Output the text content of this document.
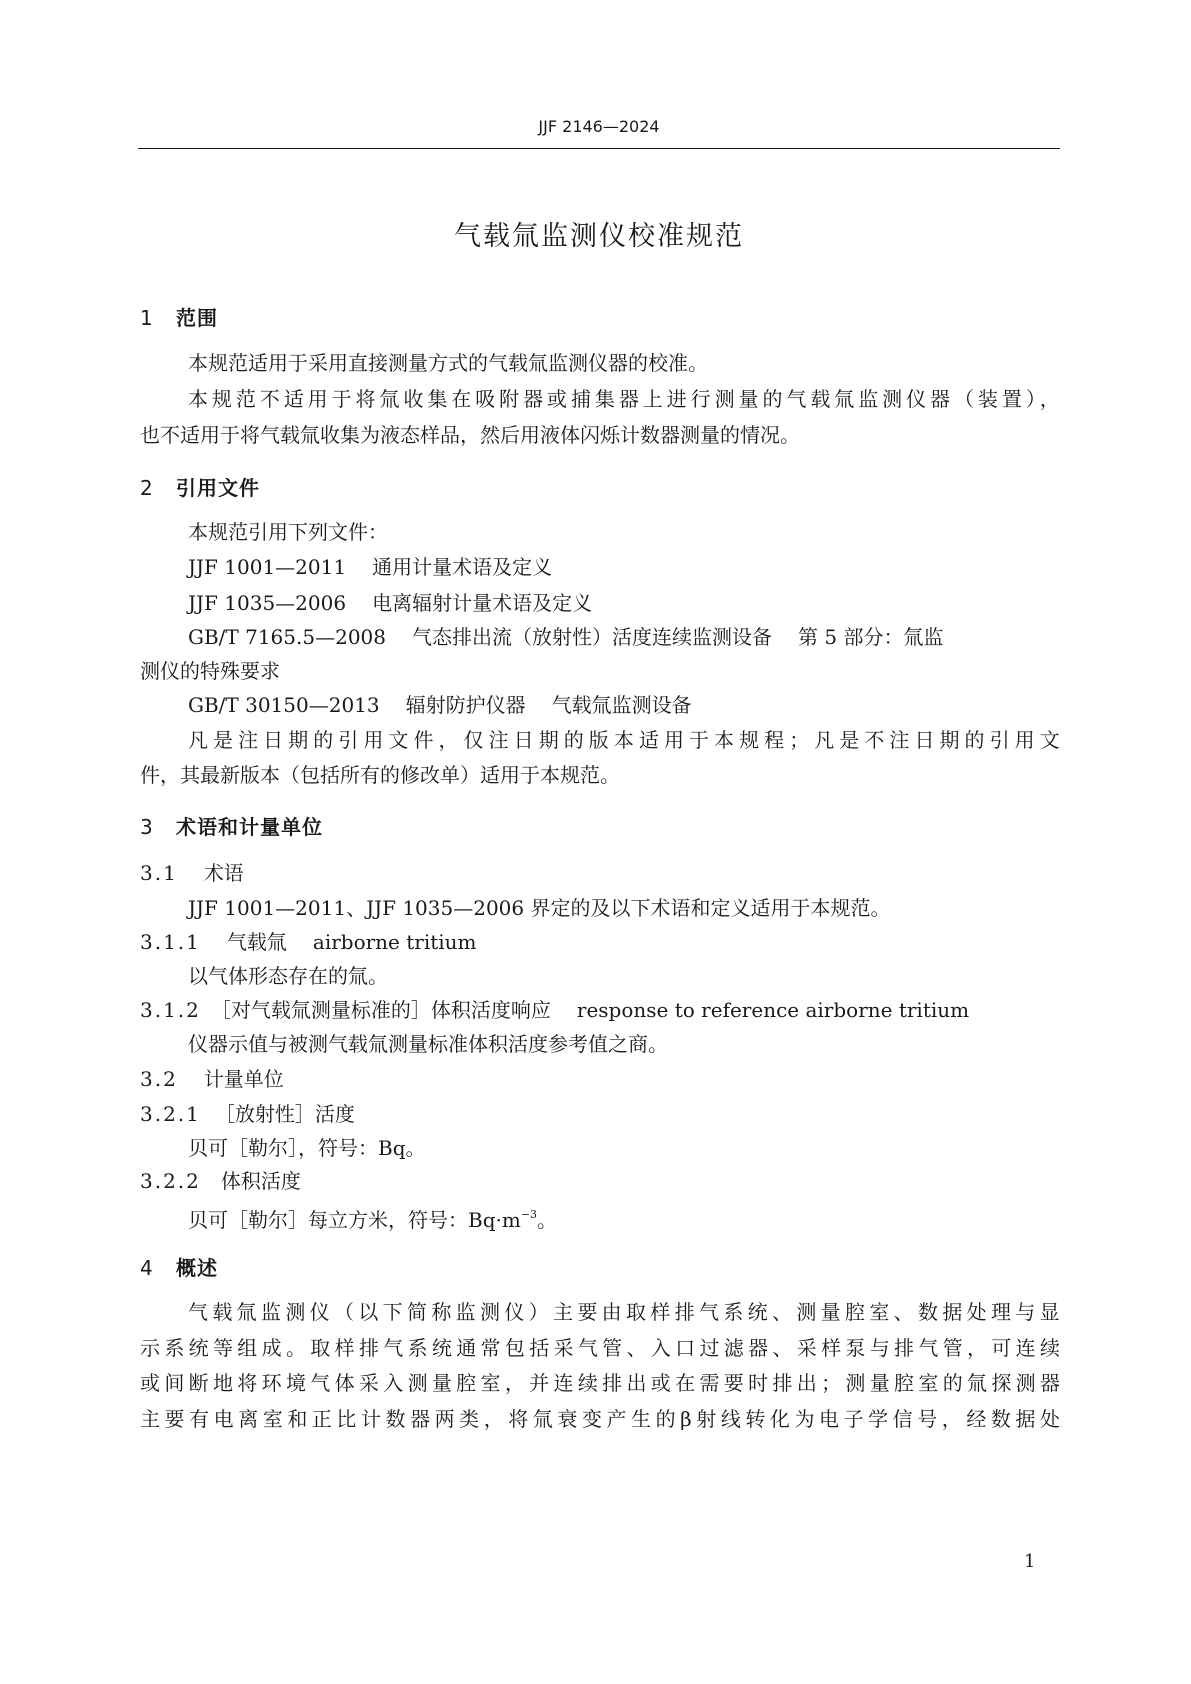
JJF 2146—2024
气载氚监测仪校准规范
1 范围
本规范适用于采用直接测量方式的气载氚监测仪器的校准。
本规范不适用于将氚收集在吸附器或捕集器上进行测量的气载氚监测仪器（装置），
也不适用于将气载氚收集为液态样品，然后用液体闪烁计数器测量的情况。
2 引用文件
本规范引用下列文件：
JJF 1001—2011 通用计量术语及定义
JJF 1035—2006 电离辐射计量术语及定义
GB/T 7165.5—2008 气态排出流（放射性）活度连续监测设备 第 5 部分：氚监
测仪的特殊要求
GB/T 30150—2013 辐射防护仪器 气载氚监测设备
凡是注日期的引用文件，仅注日期的版本适用于本规程；凡是不注日期的引用文
件，其最新版本（包括所有的修改单）适用于本规范。
3 术语和计量单位
3.1 术语
JJF 1001—2011、JJF 1035—2006 界定的及以下术语和定义适用于本规范。
3.1.1 气载氚 airborne tritium
以气体形态存在的氚。
3.1.2 ［对气载氚测量标准的］体积活度响应 response to reference airborne tritium
仪器示值与被测气载氚测量标准体积活度参考值之商。
3.2 计量单位
3.2.1 ［放射性］活度
贝可［勒尔］，符号：Bq。
3.2.2 体积活度
贝可［勒尔］每立方米，符号：$Bq\cdot m^{-3}$。
4 概述
气载氚监测仪（以下简称监测仪）主要由取样排气系统、测量腔室、数据处理与显
示系统等组成。取样排气系统通常包括采气管、入口过滤器、采样泵与排气管，可连续
或间断地将环境气体采入测量腔室，并连续排出或在需要时排出；测量腔室的氚探测器
主要有电离室和正比计数器两类，将氚衰变产生的β射线转化为电子学信号，经数据处
1
